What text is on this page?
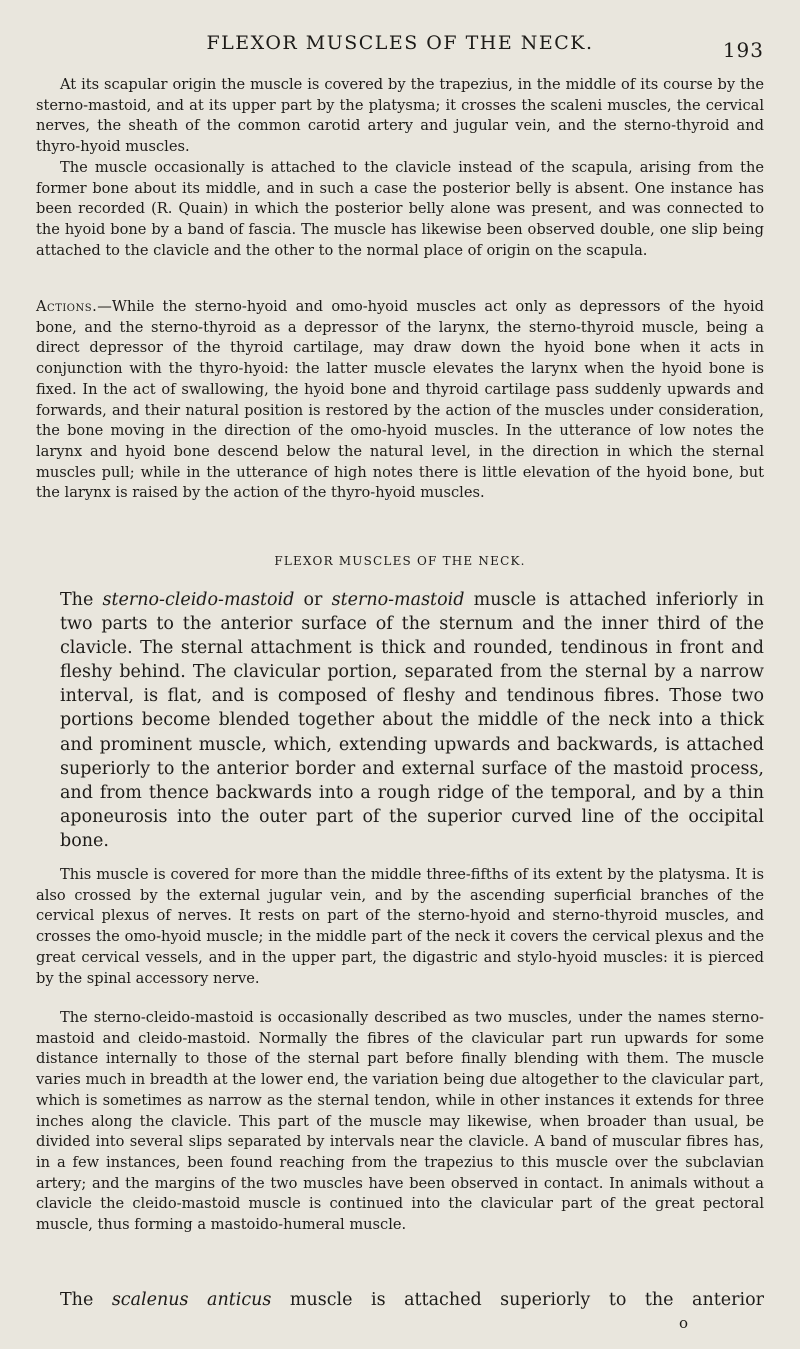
FLEXOR MUSCLES OF THE NECK.	193

At its scapular origin the muscle is covered by the trapezius, in the middle of its course by the sterno-mastoid, and at its upper part by the platysma; it crosses the scaleni muscles, the cervical nerves, the sheath of the common carotid artery and jugular vein, and the sterno-thyroid and thyro-hyoid muscles.

The muscle occasionally is attached to the clavicle instead of the scapula, arising from the former bone about its middle, and in such a case the posterior belly is absent. One instance has been recorded (R. Quain) in which the posterior belly alone was present, and was connected to the hyoid bone by a band of fascia. The muscle has likewise been observed double, one slip being attached to the clavicle and the other to the normal place of origin on the scapula.

Actions.—While the sterno-hyoid and omo-hyoid muscles act only as depressors of the hyoid bone, and the sterno-thyroid as a depressor of the larynx, the sterno-thyroid muscle, being a direct depressor of the thyroid cartilage, may draw down the hyoid bone when it acts in conjunction with the thyro-hyoid: the latter muscle elevates the larynx when the hyoid bone is fixed. In the act of swallowing, the hyoid bone and thyroid cartilage pass suddenly upwards and forwards, and their natural position is restored by the action of the muscles under consideration, the bone moving in the direction of the omo-hyoid muscles. In the utterance of low notes the larynx and hyoid bone descend below the natural level, in the direction in which the sternal muscles pull; while in the utterance of high notes there is little elevation of the hyoid bone, but the larynx is raised by the action of the thyro-hyoid muscles.

FLEXOR MUSCLES OF THE NECK.

The sterno-cleido-mastoid or sterno-mastoid muscle is attached inferiorly in two parts to the anterior surface of the sternum and the inner third of the clavicle. The sternal attachment is thick and rounded, tendinous in front and fleshy behind. The clavicular portion, separated from the sternal by a narrow interval, is flat, and is composed of fleshy and tendinous fibres. Those two portions become blended together about the middle of the neck into a thick and prominent muscle, which, extending upwards and backwards, is attached superiorly to the anterior border and external surface of the mastoid process, and from thence backwards into a rough ridge of the temporal, and by a thin aponeurosis into the outer part of the superior curved line of the occipital bone.

This muscle is covered for more than the middle three-fifths of its extent by the platysma. It is also crossed by the external jugular vein, and by the ascending superficial branches of the cervical plexus of nerves. It rests on part of the sterno-hyoid and sterno-thyroid muscles, and crosses the omo-hyoid muscle; in the middle part of the neck it covers the cervical plexus and the great cervical vessels, and in the upper part, the digastric and stylo-hyoid muscles: it is pierced by the spinal accessory nerve.

The sterno-cleido-mastoid is occasionally described as two muscles, under the names sterno-mastoid and cleido-mastoid. Normally the fibres of the clavicular part run upwards for some distance internally to those of the sternal part before finally blending with them. The muscle varies much in breadth at the lower end, the variation being due altogether to the clavicular part, which is sometimes as narrow as the sternal tendon, while in other instances it extends for three inches along the clavicle. This part of the muscle may likewise, when broader than usual, be divided into several slips separated by intervals near the clavicle. A band of muscular fibres has, in a few instances, been found reaching from the trapezius to this muscle over the subclavian artery; and the margins of the two muscles have been observed in contact. In animals without a clavicle the cleido-mastoid muscle is continued into the clavicular part of the great pectoral muscle, thus forming a mastoido-humeral muscle.

The scalenus anticus muscle is attached superiorly to the anterior

o
